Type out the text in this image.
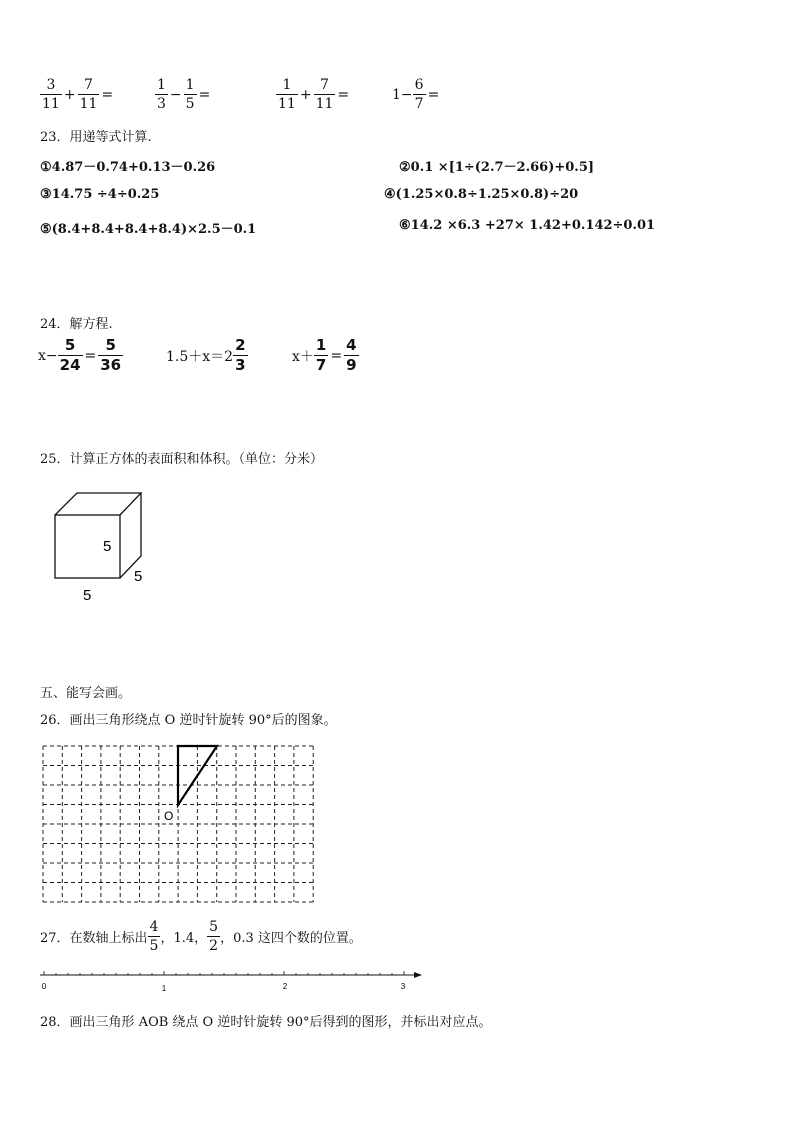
$\frac{3}{11} + \frac{7}{11}$ =	$\frac{1}{3} - \frac{1}{5}$ =	$\frac{1}{11} + \frac{7}{11}$ =	$1- \frac{6}{7}$ =
23．用递等式计算.
①4.87－0.74+0.13－0.26	②0.1 ×[1÷(2.7－2.66)+0.5]
③14.75 ÷4÷0.25	④(1.25×0.8÷1.25×0.8)÷20
⑤(8.4+8.4+8.4+8.4)×2.5－0.1	⑥14.2 ×6.3 +27× 1.42+0.142÷0.01
24．解方程.
$x- \frac{5}{24} = \frac{5}{36}$	$1.5+x=2 \frac{2}{3}$	$x+ \frac{1}{7} = \frac{4}{9}$
25．计算正方体的表面积和体积。（单位：分米）
5
5
5
五、能写会画。
26．画出三角形绕点 O 逆时针旋转 90°后的图象。
O
27．在数轴上标出 $\frac{4}{5}$ ，1.4， $\frac{5}{2}$ ，0.3 这四个数的位置。
0	1	2	3
28．画出三角形 AOB 绕点 O 逆时针旋转 90°后得到的图形，并标出对应点。
